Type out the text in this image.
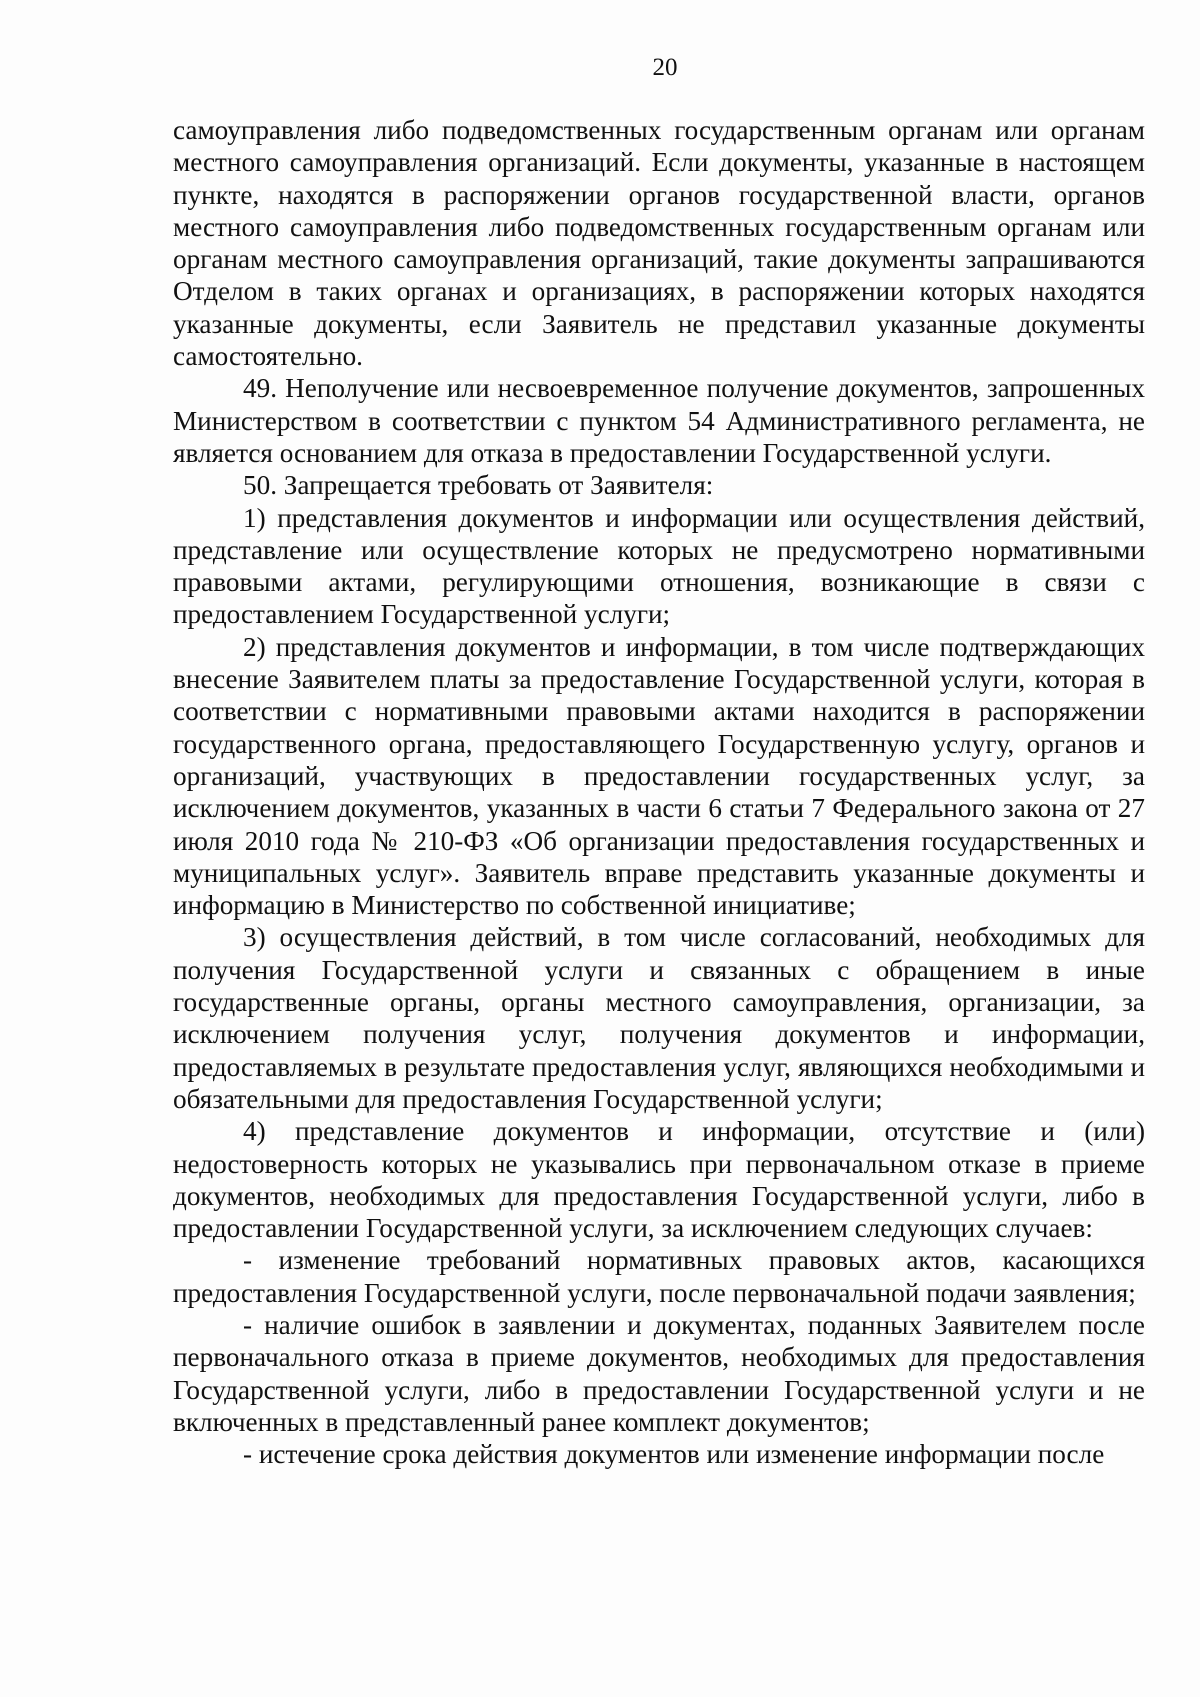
20

самоуправления либо подведомственных государственным органам или органам местного самоуправления организаций. Если документы, указанные в настоящем пункте, находятся в распоряжении органов государственной власти, органов местного самоуправления либо подведомственных государственным органам или органам местного самоуправления организаций, такие документы запрашиваются Отделом в таких органах и организациях, в распоряжении которых находятся указанные документы, если Заявитель не представил указанные документы самостоятельно.

49. Неполучение или несвоевременное получение документов, запрошенных Министерством в соответствии с пунктом 54 Административного регламента, не является основанием для отказа в предоставлении Государственной услуги.

50. Запрещается требовать от Заявителя:

1) представления документов и информации или осуществления действий, представление или осуществление которых не предусмотрено нормативными правовыми актами, регулирующими отношения, возникающие в связи с предоставлением Государственной услуги;

2) представления документов и информации, в том числе подтверждающих внесение Заявителем платы за предоставление Государственной услуги, которая в соответствии с нормативными правовыми актами находится в распоряжении государственного органа, предоставляющего Государственную услугу, органов и организаций, участвующих в предоставлении государственных услуг, за исключением документов, указанных в части 6 статьи 7 Федерального закона от 27 июля 2010 года № 210-ФЗ «Об организации предоставления государственных и муниципальных услуг». Заявитель вправе представить указанные документы и информацию в Министерство по собственной инициативе;

3) осуществления действий, в том числе согласований, необходимых для получения Государственной услуги и связанных с обращением в иные государственные органы, органы местного самоуправления, организации, за исключением получения услуг, получения документов и информации, предоставляемых в результате предоставления услуг, являющихся необходимыми и обязательными для предоставления Государственной услуги;

4) представление документов и информации, отсутствие и (или) недостоверность которых не указывались при первоначальном отказе в приеме документов, необходимых для предоставления Государственной услуги, либо в предоставлении Государственной услуги, за исключением следующих случаев:

- изменение требований нормативных правовых актов, касающихся предоставления Государственной услуги, после первоначальной подачи заявления;

- наличие ошибок в заявлении и документах, поданных Заявителем после первоначального отказа в приеме документов, необходимых для предоставления Государственной услуги, либо в предоставлении Государственной услуги и не включенных в представленный ранее комплект документов;

- истечение срока действия документов или изменение информации после
